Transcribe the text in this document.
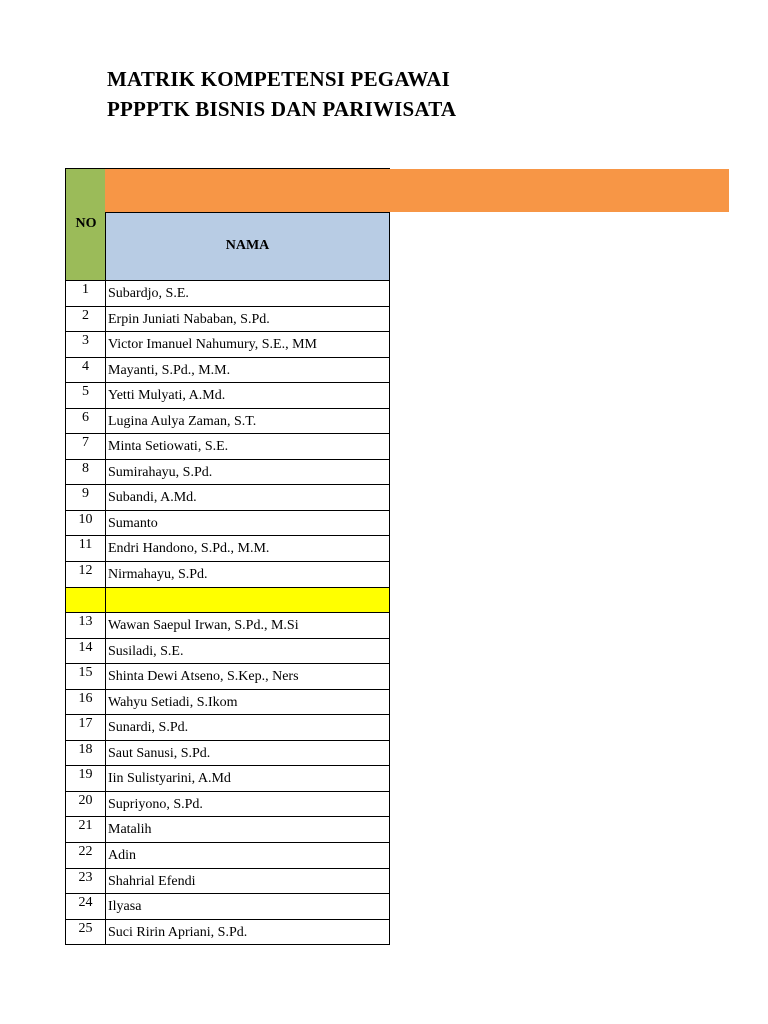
MATRIK KOMPETENSI PEGAWAI
PPPPTK BISNIS DAN PARIWISATA
NO
NAMA
1	Subardjo, S.E.
2	Erpin Juniati Nababan, S.Pd.
3	Victor Imanuel Nahumury, S.E., MM
4	Mayanti, S.Pd., M.M.
5	Yetti Mulyati, A.Md.
6	Lugina Aulya Zaman, S.T.
7	Minta Setiowati, S.E.
8	Sumirahayu, S.Pd.
9	Subandi, A.Md.
10	Sumanto
11	Endri Handono, S.Pd., M.M.
12	Nirmahayu, S.Pd.
13	Wawan Saepul Irwan, S.Pd., M.Si
14	Susiladi, S.E.
15	Shinta Dewi Atseno, S.Kep., Ners
16	Wahyu Setiadi, S.Ikom
17	Sunardi, S.Pd.
18	Saut Sanusi, S.Pd.
19	Iin Sulistyarini, A.Md
20	Supriyono, S.Pd.
21	Matalih
22	Adin
23	Shahrial Efendi
24	Ilyasa
25	Suci Ririn Apriani, S.Pd.
